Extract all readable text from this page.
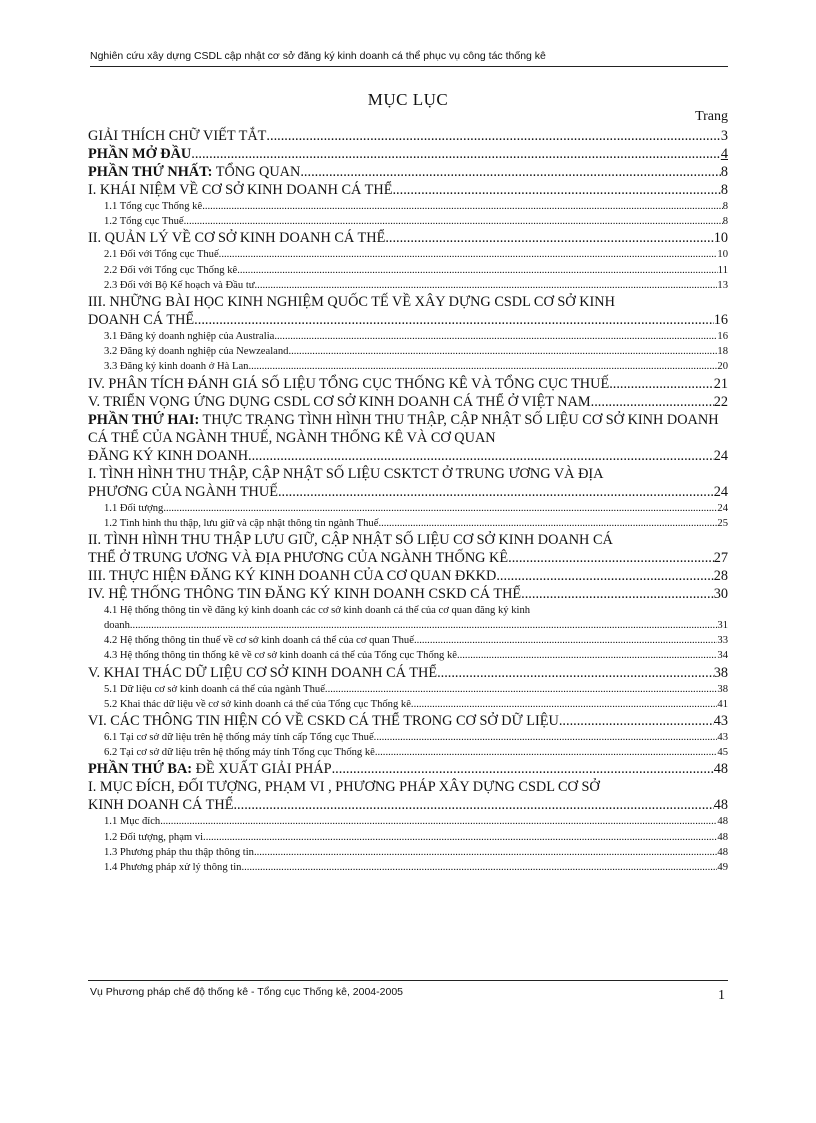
Nghiên cứu xây dựng CSDL cập nhật cơ sở đăng ký kinh doanh cá thể phục vụ công tác thống kê
MỤC LỤC
Trang
GIẢI THÍCH CHỮ VIẾT TẮT .....	3
PHẦN MỞ ĐẦU .....	4
PHẦN THỨ NHẤT: TỔNG QUAN .....	8
I. KHÁI NIỆM VỀ CƠ SỞ KINH DOANH CÁ THỂ .....	8
1.1 Tổng cục Thống kê .....	8
1.2 Tổng cục Thuế .....	8
II. QUẢN LÝ VỀ CƠ SỞ KINH DOANH CÁ THỂ .....	10
2.1 Đối với Tổng cục Thuế .....	10
2.2 Đối với Tổng cục Thống kê .....	11
2.3 Đối với Bộ Kế hoạch và Đầu tư .....	13
III. NHỮNG BÀI HỌC KINH NGHIỆM QUỐC TẾ VỀ XÂY DỰNG CSDL CƠ SỞ KINH
DOANH CÁ THỂ .....	16
3.1 Đăng ký doanh nghiệp của Australia .....	16
3.2 Đăng ký doanh nghiệp của Newzealand .....	18
3.3 Đăng ký kinh doanh ở Hà Lan .....	20
IV. PHÂN TÍCH ĐÁNH GIÁ SỐ LIỆU TỔNG CỤC THỐNG KÊ VÀ TỔNG CỤC THUẾ .....	21
V. TRIỂN VỌNG ỨNG DỤNG CSDL CƠ SỞ KINH DOANH CÁ THỂ Ở VIỆT NAM .....	22
PHẦN THỨ HAI: THỰC TRẠNG TÌNH HÌNH THU THẬP, CẬP NHẬT SỐ LIỆU CƠ SỞ KINH DOANH CÁ THỂ CỦA NGÀNH THUẾ, NGÀNH THỐNG KÊ VÀ CƠ QUAN
ĐĂNG KÝ KINH DOANH .....	24
I. TÌNH HÌNH THU THẬP, CẬP NHẬT SỐ LIỆU CSKTCT Ở TRUNG ƯƠNG VÀ ĐỊA
PHƯƠNG CỦA NGÀNH THUẾ .....	24
1.1 Đối tượng .....	24
1.2 Tình hình thu thập, lưu giữ và cập nhật thông tin ngành Thuế .....	25
II. TÌNH HÌNH THU THẬP LƯU GIỮ, CẬP NHẬT SỐ LIỆU CƠ SỞ KINH DOANH CÁ
THỂ Ở TRUNG ƯƠNG VÀ ĐỊA PHƯƠNG CỦA NGÀNH THỐNG KÊ .....	27
III. THỰC HIỆN ĐĂNG KÝ KINH DOANH CỦA CƠ QUAN ĐKKD .....	28
IV. HỆ THỐNG THÔNG TIN ĐĂNG KÝ KINH DOANH CSKD CÁ THỂ .....	30
4.1 Hệ thống thông tin về đăng ký kinh doanh các cơ sở kinh doanh cá thể của cơ quan đăng ký kinh
doanh .....	31
4.2 Hệ thống thông tin thuế về cơ sở kinh doanh cá thể của cơ quan Thuế .....	33
4.3 Hệ thống thông tin thống kê về cơ sở kinh doanh cá thể của Tổng cục Thống kê .....	34
V. KHAI THÁC DỮ LIỆU CƠ SỞ KINH DOANH CÁ THỂ .....	38
5.1 Dữ liệu cơ sở kinh doanh cá thể của ngành Thuế .....	38
5.2 Khai thác dữ liệu về cơ sở kinh doanh cá thể của Tổng cục Thống kê .....	41
VI. CÁC THÔNG TIN HIỆN CÓ VỀ CSKD CÁ THỂ TRONG CƠ SỞ DỮ LIỆU .....	43
6.1 Tại cơ sở dữ liệu trên hệ thống máy tính cấp Tổng cục Thuế .....	43
6.2 Tại cơ sở dữ liệu trên hệ thống máy tính Tổng cục Thống kê .....	45
PHẦN THỨ BA: ĐỀ XUẤT GIẢI PHÁP .....	48
I. MỤC ĐÍCH, ĐỐI TƯỢNG, PHẠM VI , PHƯƠNG PHÁP XÂY DỰNG CSDL CƠ SỞ
KINH DOANH CÁ THỂ .....	48
1.1 Mục đích .....	48
1.2 Đối tượng, phạm vi .....	48
1.3 Phương pháp thu thập thông tin .....	48
1.4 Phương pháp xử lý thông tin .....	49
Vụ Phương pháp chế độ thống kê - Tổng cục Thống kê, 2004-2005	1
